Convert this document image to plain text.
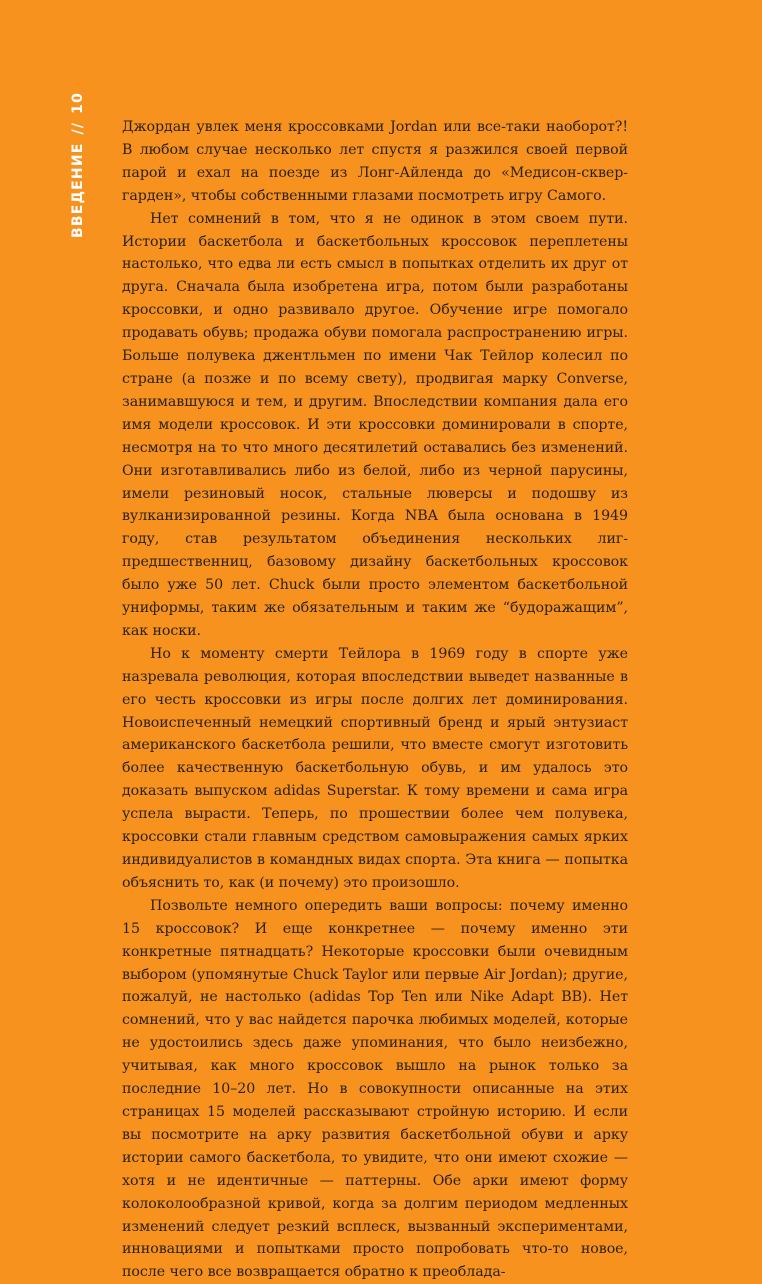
ВВЕДЕНИЕ//10

Джордан увлек меня кроссовками Jordan или все-таки наоборот?! В любом случае несколько лет спустя я разжился своей первой парой и ехал на поезде из Лонг-Айленда до «Медисон-сквер-гарден», чтобы собственными глазами посмотреть игру Самого.

Нет сомнений в том, что я не одинок в этом своем пути. Истории баскетбола и баскетбольных кроссовок переплетены настолько, что едва ли есть смысл в попытках отделить их друг от друга. Сначала была изобретена игра, потом были разработаны кроссовки, и одно развивало другое. Обучение игре помогало продавать обувь; продажа обуви помогала распространению игры. Больше полувека джентльмен по имени Чак Тейлор колесил по стране (а позже и по всему свету), продвигая марку Converse, занимавшуюся и тем, и другим. Впоследствии компания дала его имя модели кроссовок. И эти кроссовки доминировали в спорте, несмотря на то что много десятилетий оставались без изменений. Они изготавливались либо из белой, либо из черной парусины, имели резиновый носок, стальные люверсы и подошву из вулканизированной резины. Когда NBA была основана в 1949 году, став результатом объединения нескольких лиг-предшественниц, базовому дизайну баскетбольных кроссовок было уже 50 лет. Chuck были просто элементом баскетбольной униформы, таким же обязательным и таким же “будоражащим”, как носки.

Но к моменту смерти Тейлора в 1969 году в спорте уже назревала революция, которая впоследствии выведет названные в его честь кроссовки из игры после долгих лет доминирования. Новоиспеченный немецкий спортивный бренд и ярый энтузиаст американского баскетбола решили, что вместе смогут изготовить более качественную баскетбольную обувь, и им удалось это доказать выпуском adidas Superstar. К тому времени и сама игра успела вырасти. Теперь, по прошествии более чем полувека, кроссовки стали главным средством самовыражения самых ярких индивидуалистов в командных видах спорта. Эта книга — попытка объяснить то, как (и почему) это произошло.

Позвольте немного опередить ваши вопросы: почему именно 15 кроссовок? И еще конкретнее — почему именно эти конкретные пятнадцать? Некоторые кроссовки были очевидным выбором (упомянутые Chuck Taylor или первые Air Jordan); другие, пожалуй, не настолько (adidas Top Ten или Nike Adapt BB). Нет сомнений, что у вас найдется парочка любимых моделей, которые не удостоились здесь даже упоминания, что было неизбежно, учитывая, как много кроссовок вышло на рынок только за последние 10–20 лет. Но в совокупности описанные на этих страницах 15 моделей рассказывают стройную историю. И если вы посмотрите на арку развития баскетбольной обуви и арку истории самого баскетбола, то увидите, что они имеют схожие — хотя и не идентичные — паттерны. Обе арки имеют форму колоколообразной кривой, когда за долгим периодом медленных изменений следует резкий всплеск, вызванный экспериментами, инновациями и попытками просто попробовать что-то новое, после чего все возвращается обратно к преоблада-
